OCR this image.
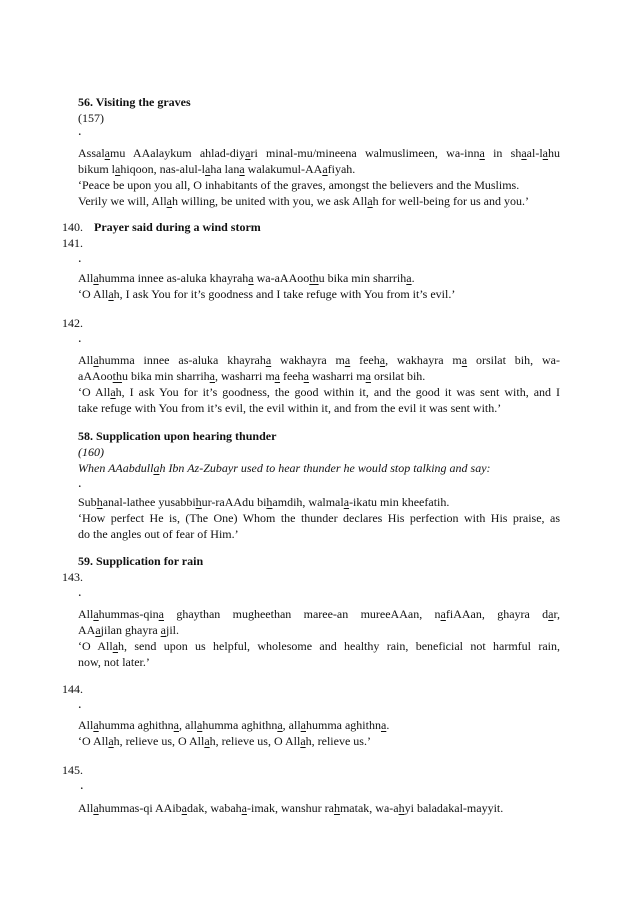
56. Visiting the graves
(157)
.
Assalamu AAalaykum ahlad-diyari minal-mu/mineena walmuslimeen, wa-inna in shaal-lahu
bikum lahiqoon, nas-alul-laha lana walakumul-AAafiyah.
‘Peace be upon you all, O inhabitants of the graves, amongst the believers and the Muslims.
Verily we will, Allah willing, be united with you, we ask Allah for well-being for us and you.’
140. Prayer said during a wind storm
141.
.
Allahumma innee as-aluka khayraha wa-aAAoothu bika min sharriha.
‘O Allah, I ask You for it’s goodness and I take refuge with You from it’s evil.’
142.
.
Allahumma innee as-aluka khayraha wakhayra ma feeha, wakhayra ma orsilat bih, wa-
aAAoothu bika min sharriha, washarri ma feeha washarri ma orsilat bih.
‘O Allah, I ask You for it’s goodness, the good within it, and the good it was sent with, and I
take refuge with You from it’s evil, the evil within it, and from the evil it was sent with.’
58. Supplication upon hearing thunder
(160)
When AAabdullah Ibn Az-Zubayr used to hear thunder he would stop talking and say:
.
Subhanal-lathee yusabbihur-raAAdu bihamdih, walmala-ikatu min kheefatih.
‘How perfect He is, (The One) Whom the thunder declares His perfection with His praise, as
do the angles out of fear of Him.’
59. Supplication for rain
143.
.
Allahummas-qina ghaythan mugheethan maree-an mureeAAan, nafiAAan, ghayra dar,
AAajilan ghayra ajil.
‘O Allah, send upon us helpful, wholesome and healthy rain, beneficial not harmful rain,
now, not later.’
144.
.
Allahumma aghithna, allahumma aghithna, allahumma aghithna.
‘O Allah, relieve us, O Allah, relieve us, O Allah, relieve us.’
145.
.
Allahummas-qi AAibadak, wabaha-imak, wanshur rahmatak, wa-ahyi baladakal-mayyit.
